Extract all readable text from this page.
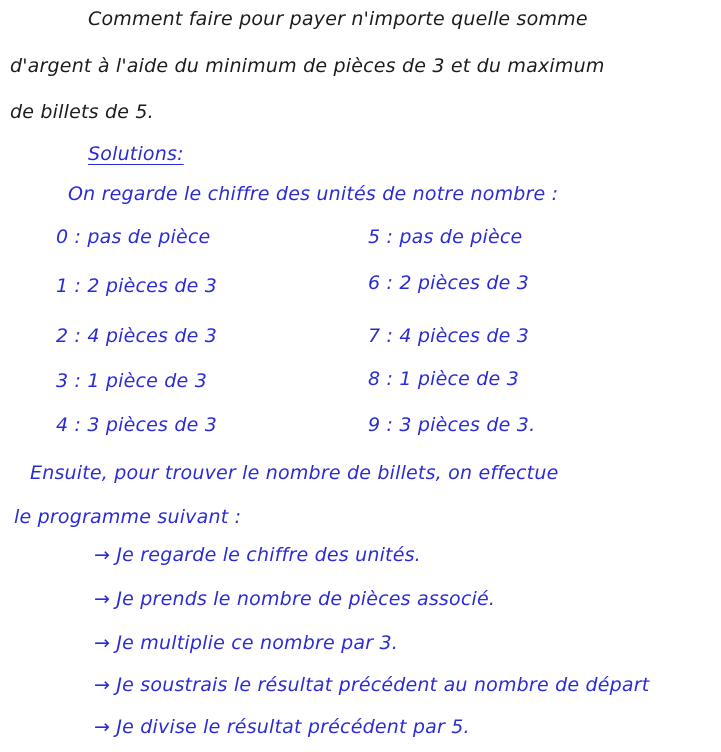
Comment faire pour payer n'importe quelle somme
d'argent à l'aide du minimum de pièces de 3 et du maximum
de billets de 5.
Solutions:
On regarde le chiffre des unités de notre nombre :
0 : pas de pièce
1 : 2 pièces de 3
2 : 4 pièces de 3
3 : 1 pièce de 3
4 : 3 pièces de 3
5 : pas de pièce
6 : 2 pièces de 3
7 : 4 pièces de 3
8 : 1 pièce de 3
9 : 3 pièces de 3.
Ensuite, pour trouver le nombre de billets, on effectue
le programme suivant :
→ Je regarde le chiffre des unités.
→ Je prends le nombre de pièces associé.
→ Je multiplie ce nombre par 3.
→ Je soustrais le résultat précédent au nombre de départ
→ Je divise le résultat précédent par 5.
